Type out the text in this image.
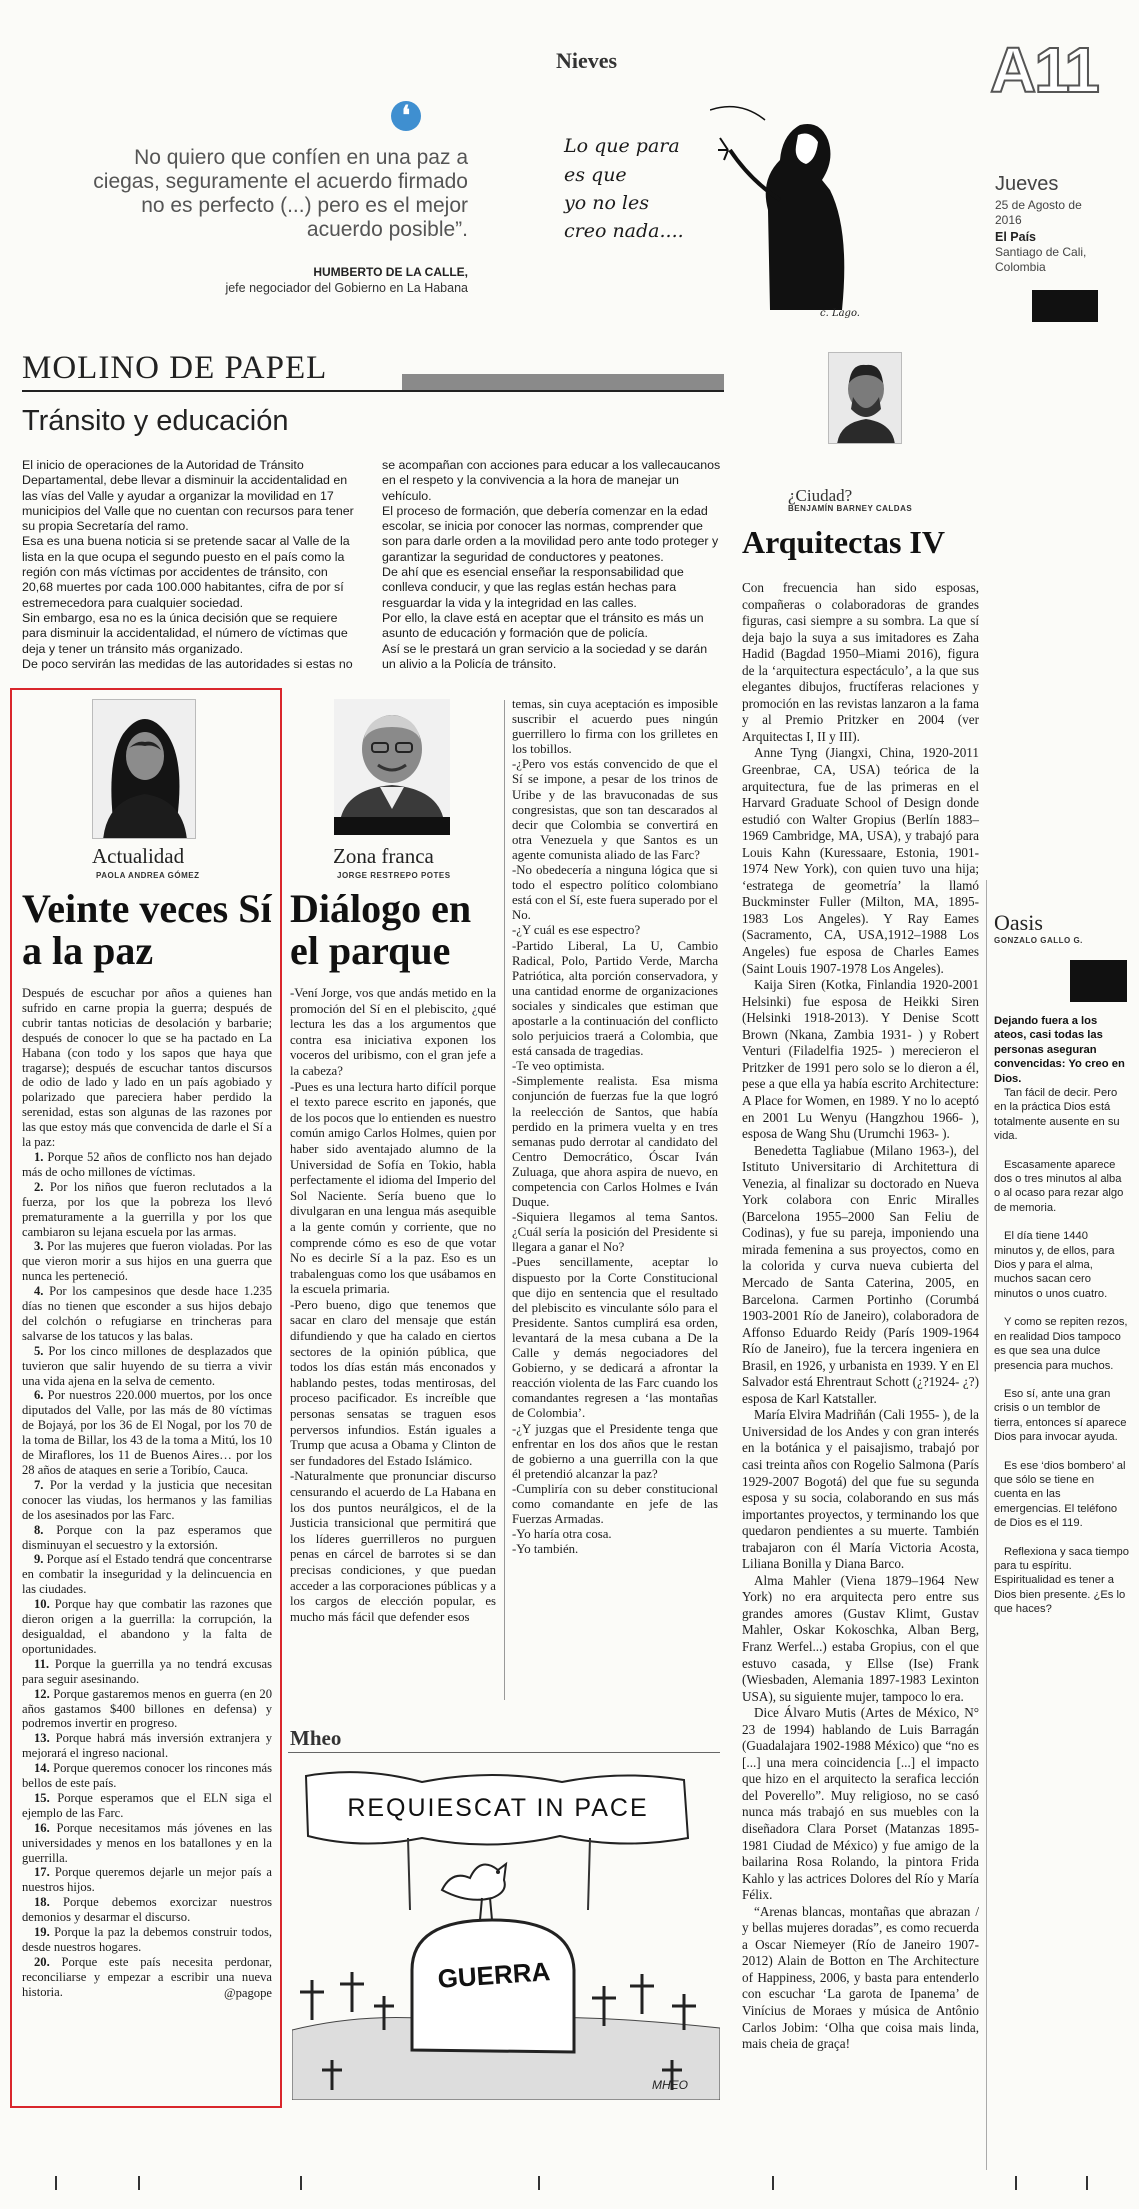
❛
No quiero que confíen en una paz a ciegas, seguramente el acuerdo firmado no es perfecto (...) pero es el mejor acuerdo posible”.
HUMBERTO DE LA CALLE,
jefe negociador del Gobierno en La Habana
Nieves
Lo que para
es que
yo no les
creo nada....
c. Lago.
A11
Jueves
25 de Agosto de 2016
El País
Santiago de Cali, Colombia
MOLINO DE PAPEL
Tránsito y educación

El inicio de operaciones de la Autoridad de Tránsito Departamental, debe llevar a disminuir la accidentalidad en las vías del Valle y ayudar a organizar la movilidad en 17 municipios del Valle que no cuentan con recursos para tener su propia Secretaría del ramo.

Esa es una buena noticia si se pretende sacar al Valle de la lista en la que ocupa el segundo puesto en el país como la región con más víctimas por accidentes de tránsito, con 20,68 muertes por cada 100.000 habitantes, cifra de por sí estremecedora para cualquier sociedad.

Sin embargo, esa no es la única decisión que se requiere para disminuir la accidentalidad, el número de víctimas que deja y tener un tránsito más organizado.

De poco servirán las medidas de las autoridades si estas no

se acompañan con acciones para educar a los vallecaucanos en el respeto y la convivencia a la hora de manejar un vehículo.

El proceso de formación, que debería comenzar en la edad escolar, se inicia por conocer las normas, comprender que son para darle orden a la movilidad pero ante todo proteger y garantizar la seguridad de conductores y peatones.

De ahí que es esencial enseñar la responsabilidad que conlleva conducir, y que las reglas están hechas para resguardar la vida y la integridad en las calles.

Por ello, la clave está en aceptar que el tránsito es más un asunto de educación y formación que de policía.

Así se le prestará un gran servicio a la sociedad y se darán un alivio a la Policía de tránsito.

¿Ciudad?
BENJAMÍN BARNEY CALDAS
Arquitectas IV

Con frecuencia han sido esposas, compañeras o colaboradoras de grandes figuras, casi siempre a su sombra. La que sí deja bajo la suya a sus imitadores es Zaha Hadid (Bagdad 1950–Miami 2016), figura de la ‘arquitectura espectáculo’, a la que sus elegantes dibujos, fructíferas relaciones y promoción en las revistas lanzaron a la fama y al Premio Pritzker en 2004 (ver Arquitectas I, II y III).

Anne Tyng (Jiangxi, China, 1920-2011 Greenbrae, CA, USA) teórica de la arquitectura, fue de las primeras en el Harvard Graduate School of Design donde estudió con Walter Gropius (Berlín 1883–1969 Cambridge, MA, USA), y trabajó para Louis Kahn (Kuressaare, Estonia, 1901-1974 New York), con quien tuvo una hija; ‘estratega de geometría’ la llamó Buckminster Fuller (Milton, MA, 1895-1983 Los Angeles). Y Ray Eames (Sacramento, CA, USA,1912–1988 Los Angeles) fue esposa de Charles Eames (Saint Louis 1907-1978 Los Angeles).

Kaija Siren (Kotka, Finlandia 1920-2001 Helsinki) fue esposa de Heikki Siren (Helsinki 1918-2013). Y Denise Scott Brown (Nkana, Zambia 1931- ) y Robert Venturi (Filadelfia 1925- ) merecieron el Pritzker de 1991 pero solo se lo dieron a él, pese a que ella ya había escrito Architecture: A Place for Women, en 1989. Y no lo aceptó en 2001 Lu Wenyu (Hangzhou 1966- ), esposa de Wang Shu (Urumchi 1963- ).

Benedetta Tagliabue (Milano 1963-), del Istituto Universitario di Architettura di Venezia, al finalizar su doctorado en Nueva York colabora con Enric Miralles (Barcelona 1955–2000 San Feliu de Codinas), y fue su pareja, imponiendo una mirada femenina a sus proyectos, como en la colorida y curva nueva cubierta del Mercado de Santa Caterina, 2005, en Barcelona. Carmen Portinho (Corumbá 1903-2001 Río de Janeiro), colaboradora de Affonso Eduardo Reidy (París 1909-1964 Río de Janeiro), fue la tercera ingeniera en Brasil, en 1926, y urbanista en 1939. Y en El Salvador está Ehrentraut Schott (¿?1924- ¿?) esposa de Karl Katstaller.

María Elvira Madriñán (Cali 1955- ), de la Universidad de los Andes y con gran interés en la botánica y el paisajismo, trabajó por casi treinta años con Rogelio Salmona (París 1929-2007 Bogotá) del que fue su segunda esposa y su socia, colaborando en sus más importantes proyectos, y terminando los que quedaron pendientes a su muerte. También trabajaron con él María Victoria Acosta, Liliana Bonilla y Diana Barco.

Alma Mahler (Viena 1879–1964 New York) no era arquitecta pero entre sus grandes amores (Gustav Klimt, Gustav Mahler, Oskar Kokoschka, Alban Berg, Franz Werfel...) estaba Gropius, con el que estuvo casada, y Ellse (Ise) Frank (Wiesbaden, Alemania 1897-1983 Lexinton USA), su siguiente mujer, tampoco lo era.

Dice Álvaro Mutis (Artes de México, N° 23 de 1994) hablando de Luis Barragán (Guadalajara 1902-1988 México) que “no es [...] una mera coincidencia [...] el impacto que hizo en el arquitecto la serafica lección del Poverello”. Muy religioso, no se casó nunca más trabajó en sus muebles con la diseñadora Clara Porset (Matanzas 1895-1981 Ciudad de México) y fue amigo de la bailarina Rosa Rolando, la pintora Frida Kahlo y las actrices Dolores del Río y María Félix.

“Arenas blancas, montañas que abrazan / y bellas mujeres doradas”, es como recuerda a Oscar Niemeyer (Río de Janeiro 1907-2012) Alain de Botton en The Architecture of Happiness, 2006, y basta para entenderlo con escuchar ‘La garota de Ipanema’ de Vinícius de Moraes y música de Antônio Carlos Jobim: ‘Olha que coisa mais linda, mais cheia de graça!

Actualidad
PAOLA ANDREA GÓMEZ
Veinte veces Sí a la paz

Después de escuchar por años a quienes han sufrido en carne propia la guerra; después de cubrir tantas noticias de desolación y barbarie; después de conocer lo que se ha pactado en La Habana (con todo y los sapos que haya que tragarse); después de escuchar tantos discursos de odio de lado y lado en un país agobiado y polarizado que pareciera haber perdido la serenidad, estas son algunas de las razones por las que estoy más que convencida de darle el Sí a la paz:

1. Porque 52 años de conflicto nos han dejado más de ocho millones de víctimas.
2. Por los niños que fueron reclutados a la fuerza, por los que la pobreza los llevó prematuramente a la guerrilla y por los que cambiaron su lejana escuela por las armas.
3. Por las mujeres que fueron violadas. Por las que vieron morir a sus hijos en una guerra que nunca les perteneció.
4. Por los campesinos que desde hace 1.235 días no tienen que esconder a sus hijos debajo del colchón o refugiarse en trincheras para salvarse de los tatucos y las balas.
5. Por los cinco millones de desplazados que tuvieron que salir huyendo de su tierra a vivir una vida ajena en la selva de cemento.
6. Por nuestros 220.000 muertos, por los once diputados del Valle, por las más de 80 víctimas de Bojayá, por los 36 de El Nogal, por los 70 de la toma de Billar, los 43 de la toma a Mitú, los 10 de Miraflores, los 11 de Buenos Aires… por los 28 años de ataques en serie a Toribío, Cauca.
7. Por la verdad y la justicia que necesitan conocer las viudas, los hermanos y las familias de los asesinados por las Farc.
8. Porque con la paz esperamos que disminuyan el secuestro y la extorsión.
9. Porque así el Estado tendrá que concentrarse en combatir la inseguridad y la delincuencia en las ciudades.
10. Porque hay que combatir las razones que dieron origen a la guerrilla: la corrupción, la desigualdad, el abandono y la falta de oportunidades.
11. Porque la guerrilla ya no tendrá excusas para seguir asesinando.
12. Porque gastaremos menos en guerra (en 20 años gastamos $400 billones en defensa) y podremos invertir en progreso.
13. Porque habrá más inversión extranjera y mejorará el ingreso nacional.
14. Porque queremos conocer los rincones más bellos de este país.
15. Porque esperamos que el ELN siga el ejemplo de las Farc.
16. Porque necesitamos más jóvenes en las universidades y menos en los batallones y en la guerrilla.
17. Porque queremos dejarle un mejor país a nuestros hijos.
18. Porque debemos exorcizar nuestros demonios y desarmar el discurso.
19. Porque la paz la debemos construir todos, desde nuestros hogares.
20. Porque este país necesita perdonar, reconciliarse y empezar a escribir una nueva historia.	@pagope
Zona franca
JORGE RESTREPO POTES
Diálogo en el parque

-Vení Jorge, vos que andás metido en la promoción del Sí en el plebiscito, ¿qué lectura les das a los argumentos que contra esa iniciativa exponen los voceros del uribismo, con el gran jefe a la cabeza?

-Pues es una lectura harto difícil porque el texto parece escrito en japonés, que de los pocos que lo entienden es nuestro común amigo Carlos Holmes, quien por haber sido aventajado alumno de la Universidad de Sofía en Tokio, habla perfectamente el idioma del Imperio del Sol Naciente. Sería bueno que lo divulgaran en una lengua más asequible a la gente común y corriente, que no comprende cómo es eso de que votar No es decirle Sí a la paz. Eso es un trabalenguas como los que usábamos en la escuela primaria.

-Pero bueno, digo que tenemos que sacar en claro del mensaje que están difundiendo y que ha calado en ciertos sectores de la opinión pública, que todos los días están más enconados y hablando pestes, todas mentirosas, del proceso pacificador. Es increíble que personas sensatas se traguen esos perversos infundios. Están iguales a Trump que acusa a Obama y Clinton de ser fundadores del Estado Islámico.

-Naturalmente que pronunciar discurso censurando el acuerdo de La Habana en los dos puntos neurálgicos, el de la Justicia transicional que permitirá que los líderes guerrilleros no purguen penas en cárcel de barrotes si se dan precisas condiciones, y que puedan acceder a las corporaciones públicas y a los cargos de elección popular, es mucho más fácil que defender esos

temas, sin cuya aceptación es imposible suscribir el acuerdo pues ningún guerrillero lo firma con los grilletes en los tobillos.

-¿Pero vos estás convencido de que el Sí se impone, a pesar de los trinos de Uribe y de las bravuconadas de sus congresistas, que son tan descarados al decir que Colombia se convertirá en otra Venezuela y que Santos es un agente comunista aliado de las Farc?

-No obedecería a ninguna lógica que si todo el espectro político colombiano está con el Sí, este fuera superado por el No.

-¿Y cuál es ese espectro?

-Partido Liberal, La U, Cambio Radical, Polo, Partido Verde, Marcha Patriótica, alta porción conservadora, y una cantidad enorme de organizaciones sociales y sindicales que estiman que apostarle a la continuación del conflicto solo perjuicios traerá a Colombia, que está cansada de tragedias.

-Te veo optimista.

-Simplemente realista. Esa misma conjunción de fuerzas fue la que logró la reelección de Santos, que había perdido en la primera vuelta y en tres semanas pudo derrotar al candidato del Centro Democrático, Óscar Iván Zuluaga, que ahora aspira de nuevo, en competencia con Carlos Holmes e Iván Duque.

-Siquiera llegamos al tema Santos. ¿Cuál sería la posición del Presidente si llegara a ganar el No?

-Pues sencillamente, aceptar lo dispuesto por la Corte Constitucional que dijo en sentencia que el resultado del plebiscito es vinculante sólo para el Presidente. Santos cumplirá esa orden, levantará de la mesa cubana a De la Calle y demás negociadores del Gobierno, y se dedicará a afrontar la reacción violenta de las Farc cuando los comandantes regresen a ‘las montañas de Colombia’.

-¿Y juzgas que el Presidente tenga que enfrentar en los dos años que le restan de gobierno a una guerrilla con la que él pretendió alcanzar la paz?

-Cumpliría con su deber constitucional como comandante en jefe de las Fuerzas Armadas.

-Yo haría otra cosa.

-Yo también.

Mheo
REQUIESCAT IN PACE
GUERRA
MHEO
Oasis
GONZALO GALLO G.
Dejando fuera a los ateos, casi todas las personas aseguran convencidas: Yo creo en Dios.

Tan fácil de decir. Pero en la práctica Dios está totalmente ausente en su vida.

Escasamente aparece dos o tres minutos al alba o al ocaso para rezar algo de memoria.

El día tiene 1440 minutos y, de ellos, para Dios y para el alma, muchos sacan cero minutos o unos cuatro.

Y como se repiten rezos, en realidad Dios tampoco es que sea una dulce presencia para muchos.

Eso sí, ante una gran crisis o un temblor de tierra, entonces sí aparece Dios para invocar ayuda.

Es ese ‘dios bombero’ al que sólo se tiene en cuenta en las emergencias. El teléfono de Dios es el 119.

Reflexiona y saca tiempo para tu espíritu. Espiritualidad es tener a Dios bien presente. ¿Es lo que haces?
